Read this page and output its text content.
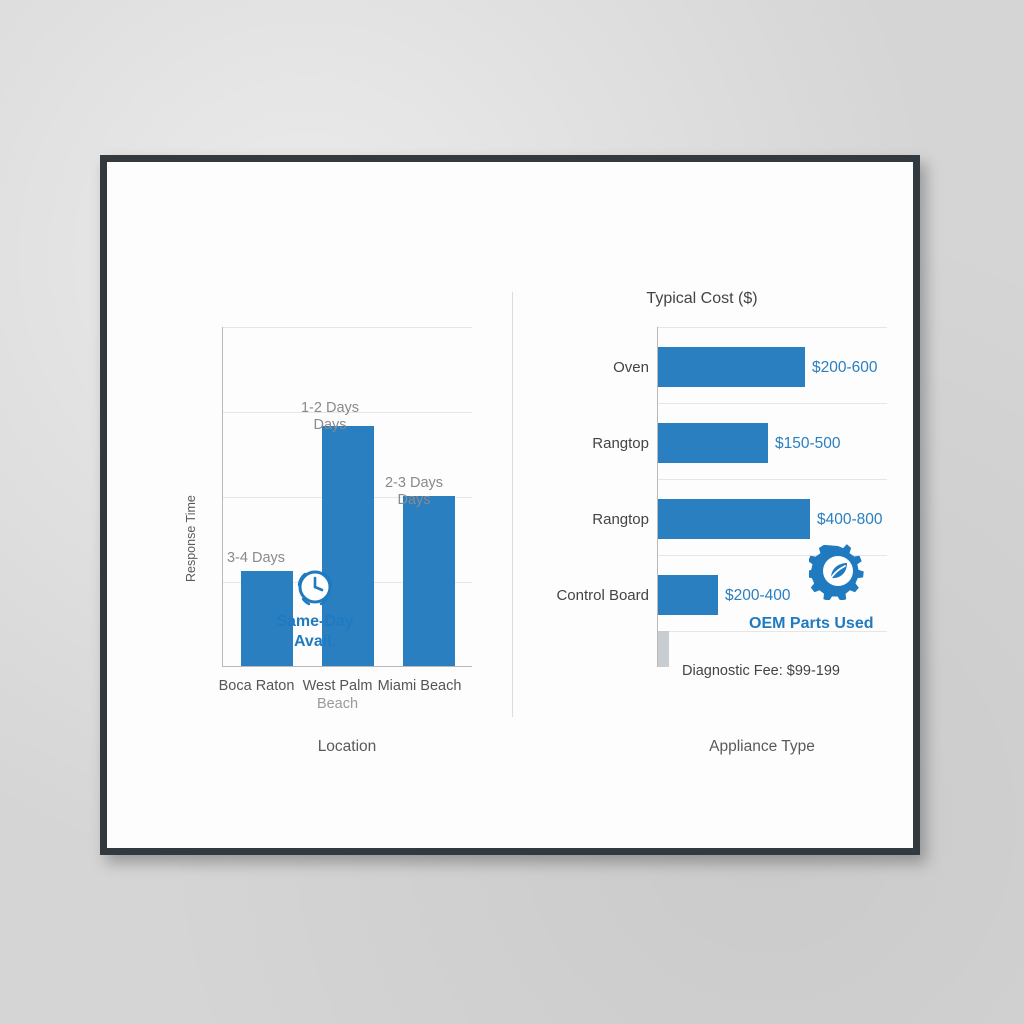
Response Time	3-4 Days
1-2 Days
Days
2-3 Days
Days
Same-Day
Avail.
Boca Raton West Palm
Beach
Miami Beach
Location
Typical Cost ($)
$200-600
$150-500
$400-800
$200-400
Oven
Rangtop
Rangtop
Control Board
Diagnostic Fee: $99-199
OEM Parts Used
Appliance Type
